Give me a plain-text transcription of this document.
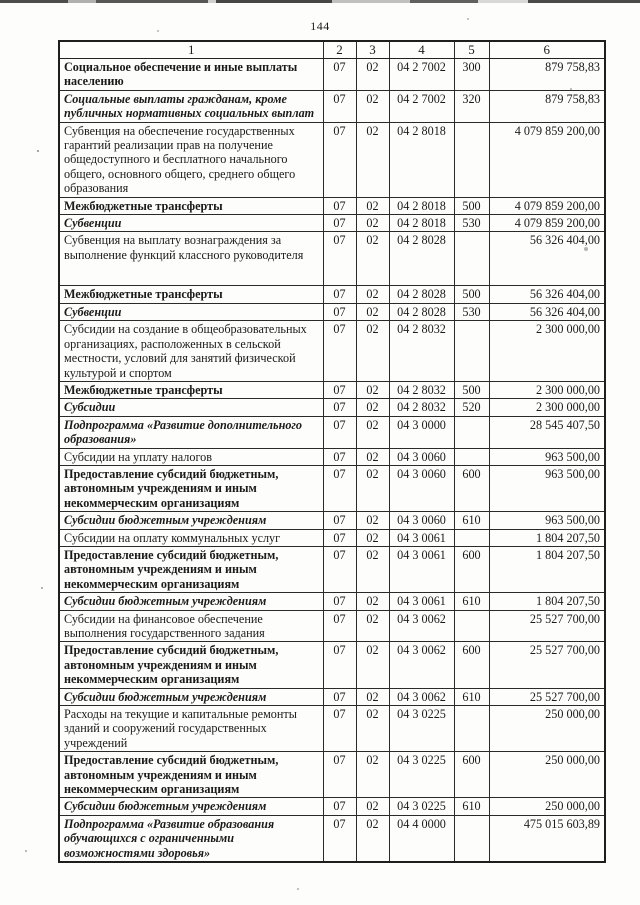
144
1	2	3	4	5	6
Социальное обеспечение и иные выплаты населению	07	02	04 2 7002	300	879 758,83
Социальные выплаты гражданам, кроме публичных нормативных социальных выплат	07	02	04 2 7002	320	879 758,83
Субвенция на обеспечение государственных гарантий реализации прав на получение общедоступного и бесплатного начального общего, основного общего, среднего общего образования	07	02	04 2 8018		4 079 859 200,00
Межбюджетные трансферты	07	02	04 2 8018	500	4 079 859 200,00
Субвенции	07	02	04 2 8018	530	4 079 859 200,00
Субвенция на выплату вознаграждения за выполнение функций классного руководителя	07	02	04 2 8028		56 326 404,00
Межбюджетные трансферты	07	02	04 2 8028	500	56 326 404,00
Субвенции	07	02	04 2 8028	530	56 326 404,00
Субсидии на создание в общеобразовательных организациях, расположенных в сельской местности, условий для занятий физической культурой и спортом	07	02	04 2 8032		2 300 000,00
Межбюджетные трансферты	07	02	04 2 8032	500	2 300 000,00
Субсидии	07	02	04 2 8032	520	2 300 000,00
Подпрограмма «Развитие дополнительного образования»	07	02	04 3 0000		28 545 407,50
Субсидии на уплату налогов	07	02	04 3 0060		963 500,00
Предоставление субсидий бюджетным, автономным учреждениям и иным некоммерческим организациям	07	02	04 3 0060	600	963 500,00
Субсидии бюджетным учреждениям	07	02	04 3 0060	610	963 500,00
Субсидии на оплату коммунальных услуг	07	02	04 3 0061		1 804 207,50
Предоставление субсидий бюджетным, автономным учреждениям и иным некоммерческим организациям	07	02	04 3 0061	600	1 804 207,50
Субсидии бюджетным учреждениям	07	02	04 3 0061	610	1 804 207,50
Субсидии на финансовое обеспечение выполнения государственного задания	07	02	04 3 0062		25 527 700,00
Предоставление субсидий бюджетным, автономным учреждениям и иным некоммерческим организациям	07	02	04 3 0062	600	25 527 700,00
Субсидии бюджетным учреждениям	07	02	04 3 0062	610	25 527 700,00
Расходы на текущие и капитальные ремонты зданий и сооружений государственных учреждений	07	02	04 3 0225		250 000,00
Предоставление субсидий бюджетным, автономным учреждениям и иным некоммерческим организациям	07	02	04 3 0225	600	250 000,00
Субсидии бюджетным учреждениям	07	02	04 3 0225	610	250 000,00
Подпрограмма «Развитие образования обучающихся с ограниченными возможностями здоровья»	07	02	04 4 0000		475 015 603,89
